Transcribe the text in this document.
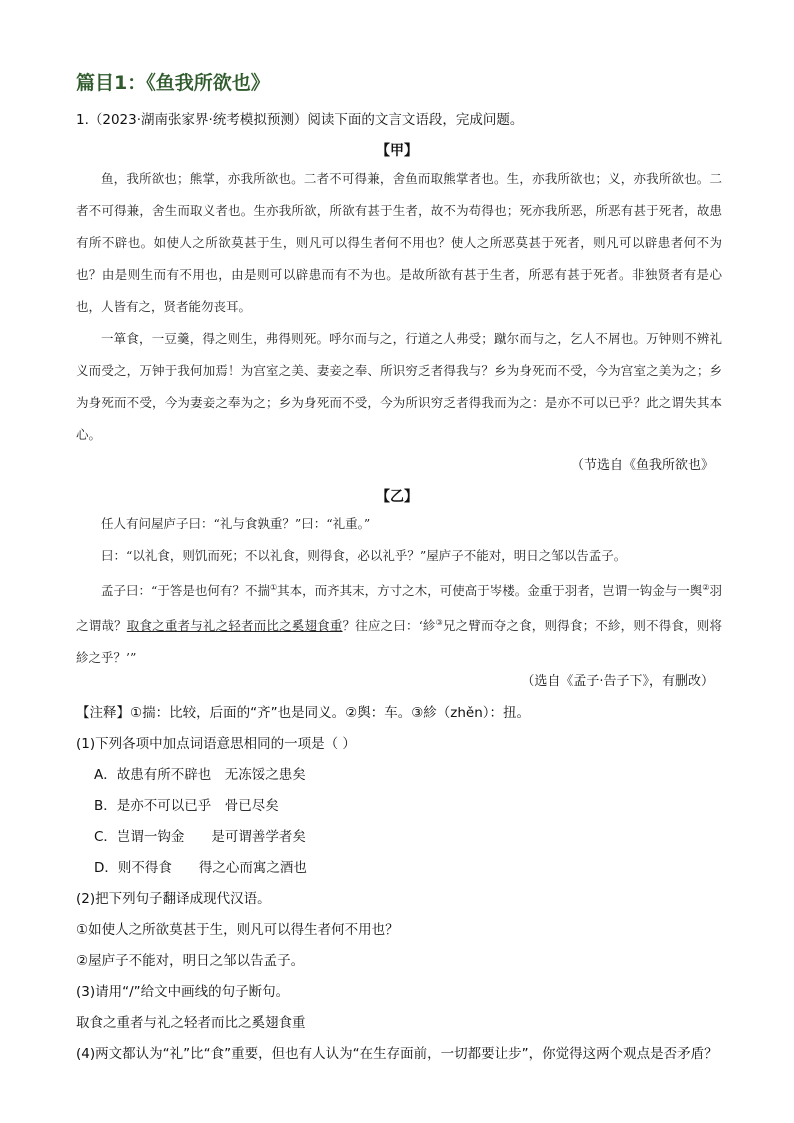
篇目1：《鱼我所欲也》
1.（2023·湖南张家界·统考模拟预测）阅读下面的文言文语段，完成问题。
【甲】

鱼，我所欲也；熊掌，亦我所欲也。二者不可得兼，舍鱼而取熊掌者也。生，亦我所欲也；义，亦我所欲也。二者不可得兼，舍生而取义者也。生亦我所欲，所欲有甚于生者，故不为苟得也；死亦我所恶，所恶有甚于死者，故患有所不辟也。如使人之所欲莫甚于生，则凡可以得生者何不用也？使人之所恶莫甚于死者，则凡可以辟患者何不为也？由是则生而有不用也，由是则可以辟患而有不为也。是故所欲有甚于生者，所恶有甚于死者。非独贤者有是心也，人皆有之，贤者能勿丧耳。

一箪食，一豆羹，得之则生，弗得则死。呼尔而与之，行道之人弗受；蹴尔而与之，乞人不屑也。万钟则不辨礼义而受之，万钟于我何加焉！为宫室之美、妻妾之奉、所识穷乏者得我与？乡为身死而不受，今为宫室之美为之；乡为身死而不受，今为妻妾之奉为之；乡为身死而不受，今为所识穷乏者得我而为之：是亦不可以已乎？此之谓失其本心。

（节选自《鱼我所欲也》
【乙】

任人有问屋庐子曰：“礼与食孰重？”曰：“礼重。”

曰：“以礼食，则饥而死；不以礼食，则得食，必以礼乎？”屋庐子不能对，明日之邹以告孟子。

孟子曰：“于答是也何有？不揣①其本，而齐其末，方寸之木，可使高于岑楼。金重于羽者，岂谓一钩金与一舆②羽之谓哉？取食之重者与礼之轻者而比之奚翅食重？往应之曰：‘紾③兄之臂而夺之食，则得食；不紾，则不得食，则将紾之乎？’”

（选自《孟子·告子下》，有删改）
【注释】①揣：比较，后面的“齐”也是同义。②舆：车。③紾（zhěn）：扭。
(1)下列各项中加点词语意思相同的一项是（ ）
A．故患有所不辟也　无冻馁之患矣
B．是亦不可以已乎　骨已尽矣
C．岂谓一钩金　　是可谓善学者矣
D．则不得食　　得之心而寓之酒也
(2)把下列句子翻译成现代汉语。
①如使人之所欲莫甚于生，则凡可以得生者何不用也？
②屋庐子不能对，明日之邹以告孟子。
(3)请用“/”给文中画线的句子断句。
取食之重者与礼之轻者而比之奚翅食重
(4)两文都认为“礼”比“食”重要，但也有人认为“在生存面前，一切都要让步”，你觉得这两个观点是否矛盾？
